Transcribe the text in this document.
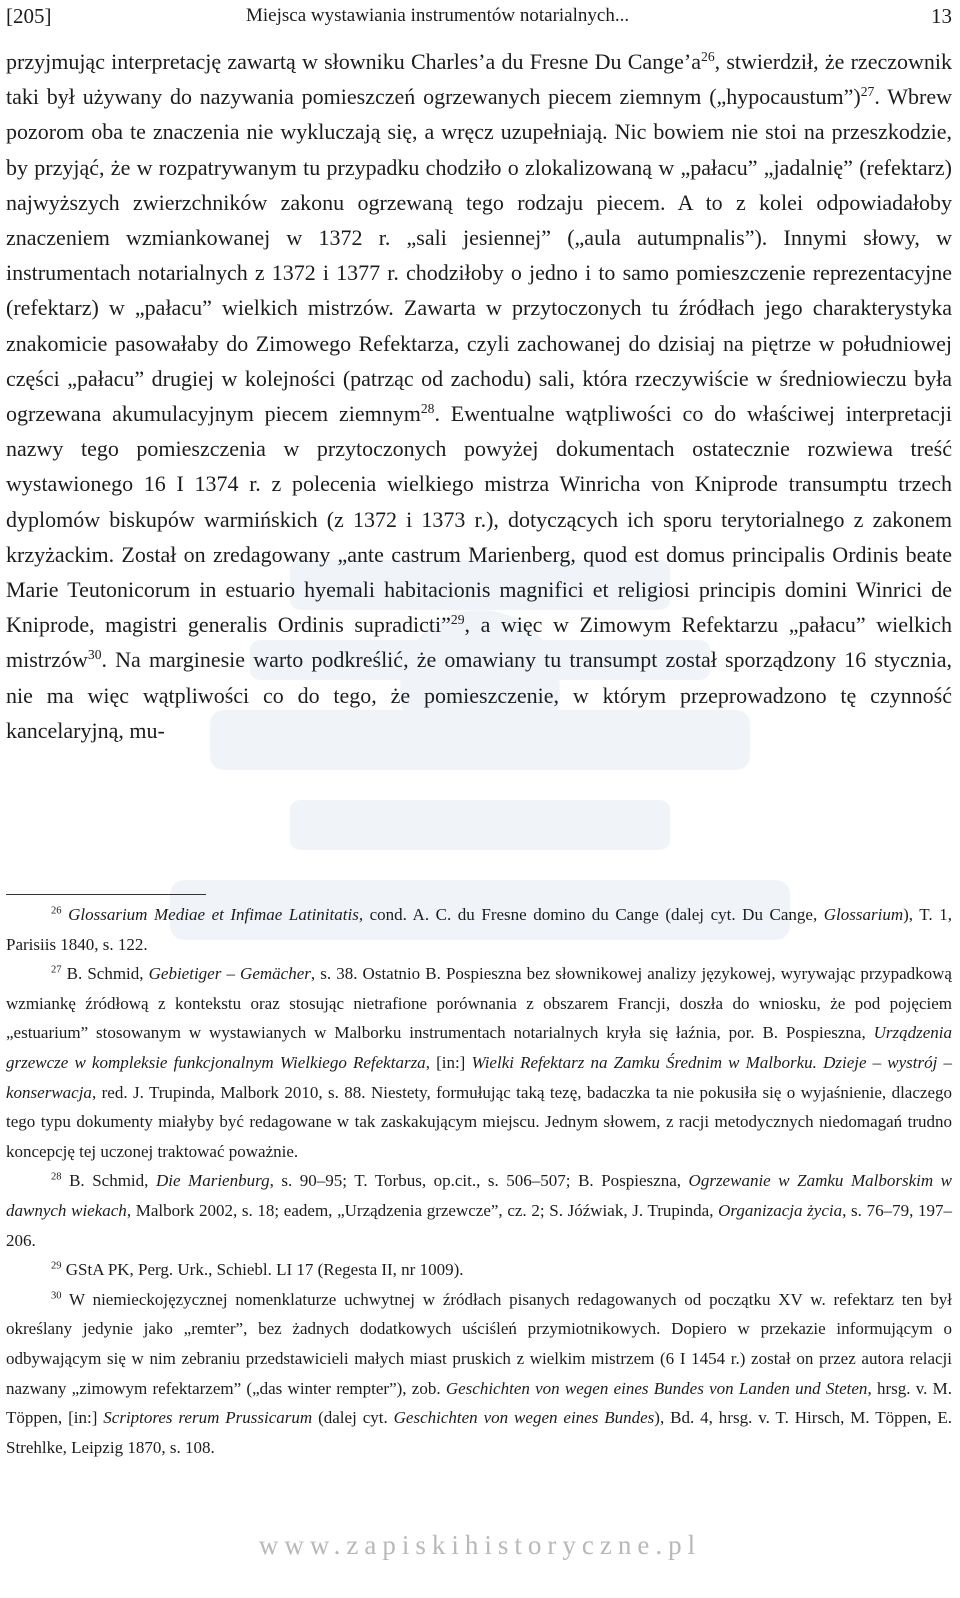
[205]	Miejsca wystawiania instrumentów notarialnych...	13

przyjmując interpretację zawartą w słowniku Charles’a du Fresne Du $Cange’a^{26}$, stwierdził, że rzeczownik taki był używany do nazywania pomieszczeń ogrzewanych piecem ziemnym („hypocaustum”)$^{27}$. Wbrew pozorom oba te znaczenia nie wykluczają się, a wręcz uzupełniają. Nic bowiem nie stoi na przeszkodzie, by przyjąć, że w rozpatrywanym tu przypadku chodziło o zlokalizowaną w „pałacu” „jadalnię” (refektarz) najwyższych zwierzchników zakonu ogrzewaną tego rodzaju piecem. A to z kolei odpowiadałoby znaczeniem wzmiankowanej w 1372 r. „sali jesiennej” („aula autumpnalis”). Innymi słowy, w instrumentach notarialnych z 1372 i 1377 r. chodziłoby o jedno i to samo pomieszczenie reprezentacyjne (refektarz) w „pałacu” wielkich mistrzów. Zawarta w przytoczonych tu źródłach jego charakterystyka znakomicie pasowałaby do Zimowego Refektarza, czyli zachowanej do dzisiaj na piętrze w południowej części „pałacu” drugiej w kolejności (patrząc od zachodu) sali, która rzeczywiście w średniowieczu była ogrzewana akumulacyjnym piecem ziemnym$^{28}$. Ewentualne wątpliwości co do właściwej interpretacji nazwy tego pomieszczenia w przytoczonych powyżej dokumentach ostatecznie rozwiewa treść wystawionego 16 I 1374 r. z polecenia wielkiego mistrza Winricha von Kniprode transumptu trzech dyplomów biskupów warmińskich (z 1372 i 1373 r.), dotyczących ich sporu terytorialnego z zakonem krzyżackim. Został on zredagowany „ante castrum Marienberg, quod est domus principalis Ordinis beate Marie Teutonicorum in estuario hyemali habitacionis magnifici et religiosi principis domini Winrici de Kniprode, magistri generalis Ordinis supradicti”$^{29}$, a więc w Zimowym Refektarzu „pałacu” wielkich mistrzów$^{30}$. Na marginesie warto podkreślić, że omawiany tu transumpt został sporządzony 16 stycznia, nie ma więc wątpliwości co do tego, że pomieszczenie, w którym przeprowadzono tę czynność kancelaryjną, mu-

$^{26}$ Glossarium Mediae et Infimae Latinitatis, cond. A. C. du Fresne domino du Cange (dalej cyt. Du Cange, Glossarium), T. 1, Parisiis 1840, s. 122.

$^{27}$ B. Schmid, Gebietiger – Gemächer, s. 38. Ostatnio B. Pospieszna bez słownikowej analizy językowej, wyrywając przypadkową wzmiankę źródłową z kontekstu oraz stosując nietrafione porównania z obszarem Francji, doszła do wniosku, że pod pojęciem „estuarium” stosowanym w wystawianych w Malborku instrumentach notarialnych kryła się łaźnia, por. B. Pospieszna, Urządzenia grzewcze w kompleksie funkcjonalnym Wielkiego Refektarza, [in:] Wielki Refektarz na Zamku Średnim w Malborku. Dzieje – wystrój – konserwacja, red. J. Trupinda, Malbork 2010, s. 88. Niestety, formułując taką tezę, badaczka ta nie pokusiła się o wyjaśnienie, dlaczego tego typu dokumenty miałyby być redagowane w tak zaskakującym miejscu. Jednym słowem, z racji metodycznych niedomagań trudno koncepcję tej uczonej traktować poważnie.

$^{28}$ B. Schmid, Die Marienburg, s. 90–95; T. Torbus, op.cit., s. 506–507; B. Pospieszna, Ogrzewanie w Zamku Malborskim w dawnych wiekach, Malbork 2002, s. 18; eadem, „Urządzenia grzewcze”, cz. 2; S. Jóźwiak, J. Trupinda, Organizacja życia, s. 76–79, 197–206.

$^{29}$ GStA PK, Perg. Urk., Schiebl. LI 17 (Regesta II, nr 1009).

$^{30}$ W niemieckojęzycznej nomenklaturze uchwytnej w źródłach pisanych redagowanych od początku XV w. refektarz ten był określany jedynie jako „remter”, bez żadnych dodatkowych uściśleń przymiotnikowych. Dopiero w przekazie informującym o odbywającym się w nim zebraniu przedstawicieli małych miast pruskich z wielkim mistrzem (6 I 1454 r.) został on przez autora relacji nazwany „zimowym refektarzem” („das winter rempter”), zob. Geschichten von wegen eines Bundes von Landen und Steten, hrsg. v. M. Töppen, [in:] Scriptores rerum Prussicarum (dalej cyt. Geschichten von wegen eines Bundes), Bd. 4, hrsg. v. T. Hirsch, M. Töppen, E. Strehlke, Leipzig 1870, s. 108.

www.zapiskihistoryczne.pl
